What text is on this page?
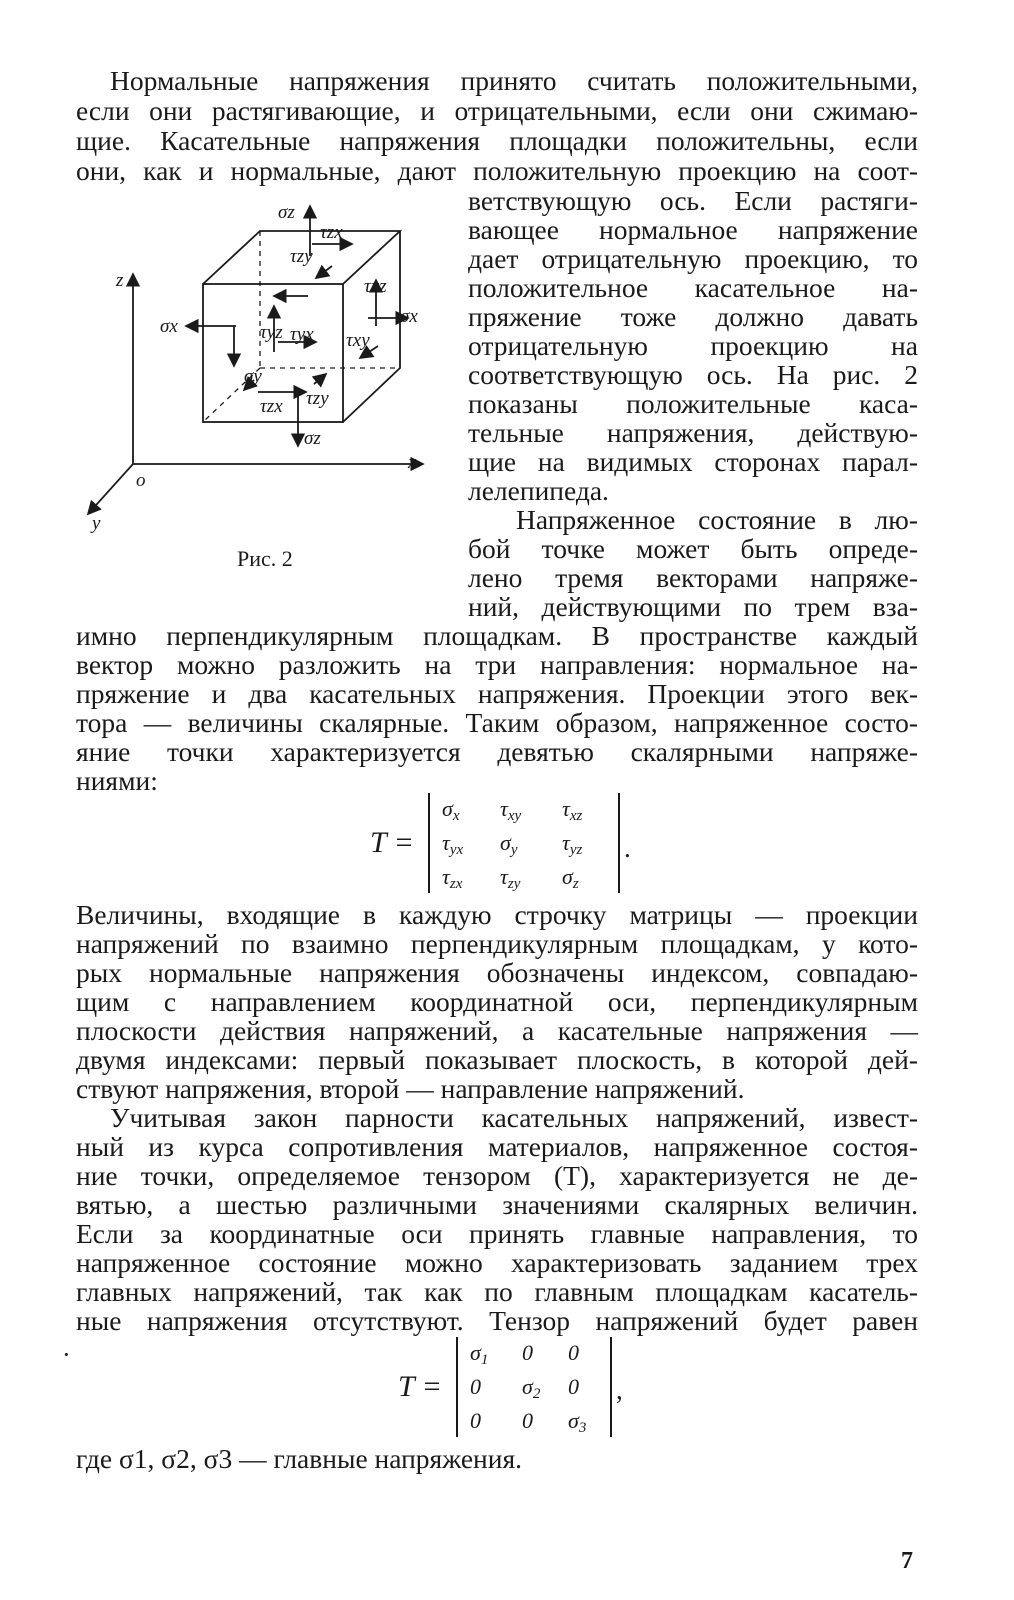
Нормальные напряжения принято считать положительными,
если они растягивающие, и отрицательными, если они сжимаю-
щие. Касательные напряжения площадки положительны, если
они, как и нормальные, дают положительную проекцию на соот-
ветствующую ось. Если растяги-
вающее нормальное напряжение
дает отрицательную проекцию, то
положительное касательное на-
пряжение тоже должно давать
отрицательную проекцию на
соответствующую ось. На рис. 2
показаны положительные каса-
тельные напряжения, действую-
щие на видимых сторонах парал-
лелепипеда.
Напряженное состояние в лю-
бой точке может быть опреде-
лено тремя векторами напряже-
ний, действующими по трем вза-
имно перпендикулярным площадкам. В пространстве каждый
вектор можно разложить на три направления: нормальное на-
пряжение и два касательных напряжения. Проекции этого век-
тора — величины скалярные. Таким образом, напряженное состо-
яние точки характеризуется девятью скалярными напряже-
ниями:
z
x
y
o
σz
σz
σx	σx
τzx
τzy
τxz
τxy
τyz τyx
σy
τzx τzy
Рис. 2
T =	.
$\sigma_x$ $\tau_{xy}$ $\tau_{xz}$
$\tau_{yx}$ $\sigma_y$ $\tau_{yz}$
$\tau_{zx}$ $\tau_{zy}$ $\sigma_z$
Величины, входящие в каждую строчку матрицы — проекции
напряжений по взаимно перпендикулярным площадкам, у кото-
рых нормальные напряжения обозначены индексом, совпадаю-
щим с направлением координатной оси, перпендикулярным
плоскости действия напряжений, а касательные напряжения —
двумя индексами: первый показывает плоскость, в которой дей-
ствуют напряжения, второй — направление напряжений.
Учитывая закон парности касательных напряжений, извест-
ный из курса сопротивления материалов, напряженное состоя-
ние точки, определяемое тензором (T), характеризуется не де-
вятью, а шестью различными значениями скалярных величин.
Если за координатные оси принять главные направления, то
напряженное состояние можно характеризовать заданием трех
главных напряжений, так как по главным площадкам касатель-
ные напряжения отсутствуют. Тензор напряжений будет равен
·
T =	,
$\sigma_1$ 0 0
0 $\sigma_2$ 0
0 0 $\sigma_3$
где σ1, σ2, σ3 — главные напряжения.
7
